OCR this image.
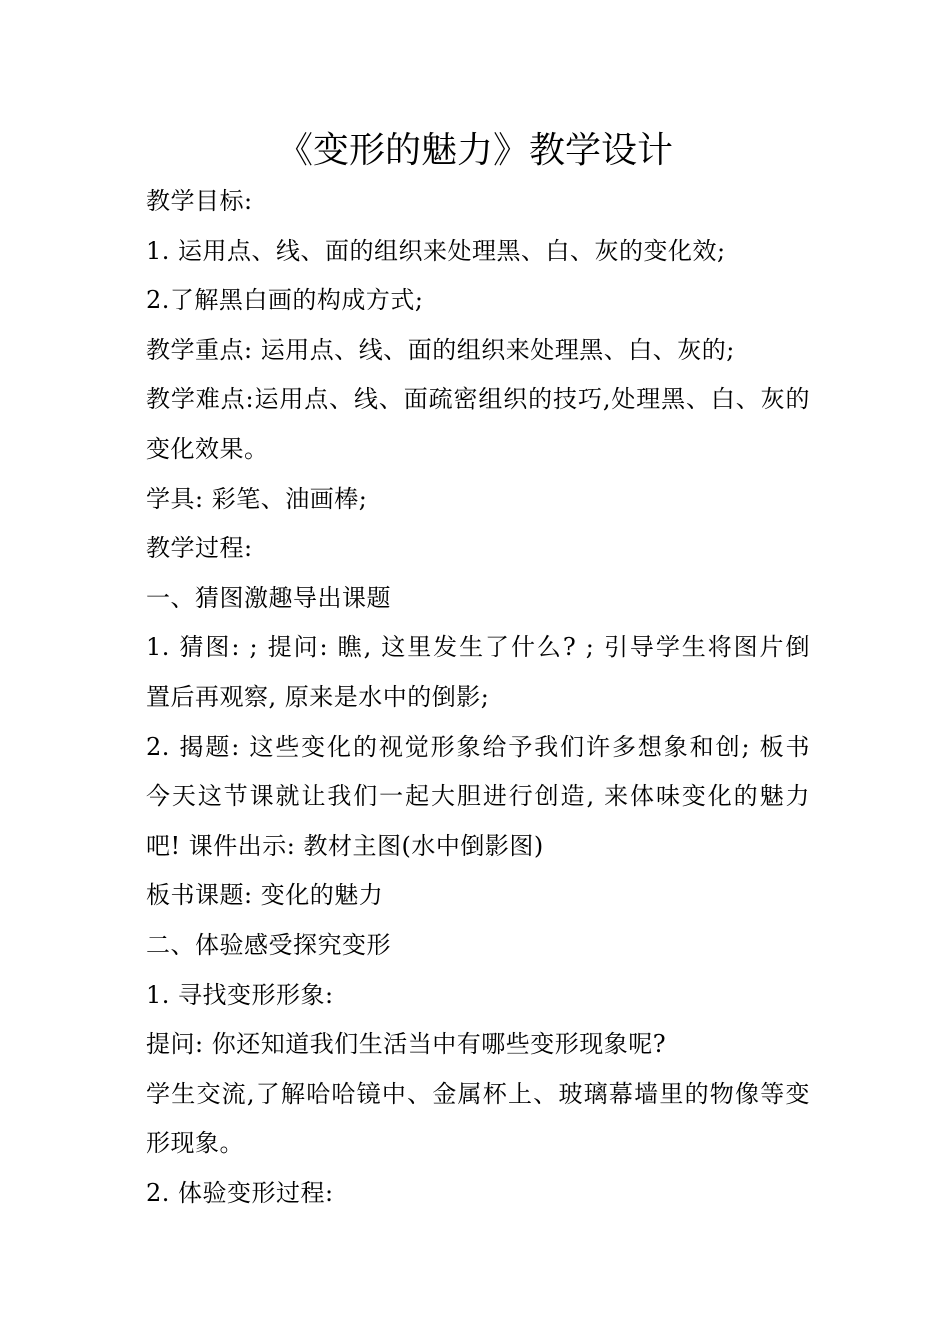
《变形的魅力》教学设计
教学目标:
1. 运用点、线、面的组织来处理黑、白、灰的变化效;
2.了解黑白画的构成方式;
教学重点: 运用点、线、面的组织来处理黑、白、灰的;
教学难点:运用点、线、面疏密组织的技巧,处理黑、白、灰的
变化效果。
学具: 彩笔、油画棒;
教学过程:
一、猜图激趣导出课题
1. 猜图: ; 提问: 瞧, 这里发生了什么? ; 引导学生将图片倒
置后再观察, 原来是水中的倒影;
2. 揭题: 这些变化的视觉形象给予我们许多想象和创; 板书
今天这节课就让我们一起大胆进行创造, 来体味变化的魅力
吧! 课件出示: 教材主图(水中倒影图)
板书课题: 变化的魅力
二、体验感受探究变形
1. 寻找变形形象:
提问: 你还知道我们生活当中有哪些变形现象呢?
学生交流,了解哈哈镜中、金属杯上、玻璃幕墙里的物像等变
形现象。
2. 体验变形过程:
